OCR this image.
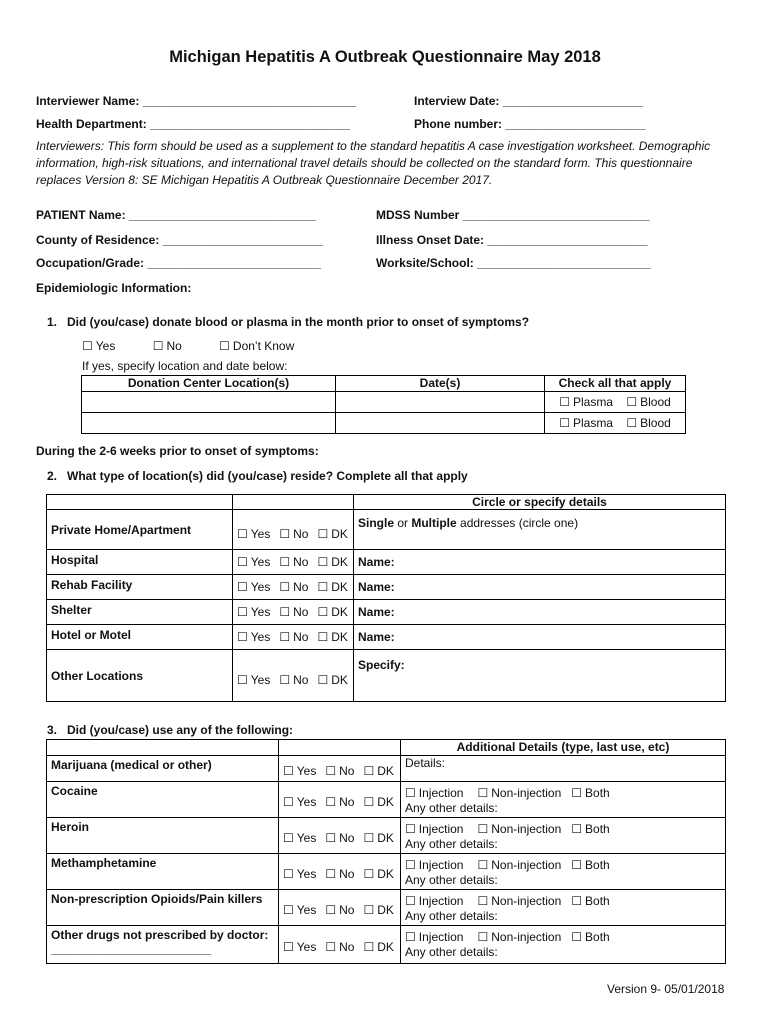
Michigan Hepatitis A Outbreak Questionnaire May 2018
Interviewer Name: ________________________________	Interview Date: _____________________
Health Department: ______________________________	Phone number: _____________________
Interviewers: This form should be used as a supplement to the standard hepatitis A case investigation worksheet. Demographic information, high-risk situations, and international travel details should be collected on the standard form. This questionnaire replaces Version 8: SE Michigan Hepatitis A Outbreak Questionnaire December 2017.
PATIENT Name: ____________________________	MDSS Number ____________________________
County of Residence: ________________________	Illness Onset Date: ________________________
Occupation/Grade: __________________________	Worksite/School: __________________________
Epidemiologic Information:
1.   Did (you/case) donate blood or plasma in the month prior to onset of symptoms?
☐ Yes	☐ No	☐ Don’t Know
If yes, specify location and date below:
Donation Center Location(s)	Date(s)	Check all that apply
		☐ Plasma ☐ Blood
		☐ Plasma ☐ Blood
During the 2-6 weeks prior to onset of symptoms:
2.   What type of location(s) did (you/case) reside? Complete all that apply
		Circle or specify details
Private Home/Apartment	☐ Yes ☐ No ☐ DK	Single or Multiple addresses (circle one)
Hospital	☐ Yes ☐ No ☐ DK	Name:
Rehab Facility	☐ Yes ☐ No ☐ DK	Name:
Shelter	☐ Yes ☐ No ☐ DK	Name:
Hotel or Motel	☐ Yes ☐ No ☐ DK	Name:
Other Locations	☐ Yes ☐ No ☐ DK	Specify:
3.   Did (you/case) use any of the following:
		Additional Details (type, last use, etc)
Marijuana (medical or other)	☐ Yes ☐ No ☐ DK	Details:
Cocaine	☐ Yes ☐ No ☐ DK	☐ Injection ☐ Non-injection ☐ Both
Any other details:
Heroin	☐ Yes ☐ No ☐ DK	☐ Injection ☐ Non-injection ☐ Both
Any other details:
Methamphetamine	☐ Yes ☐ No ☐ DK	☐ Injection ☐ Non-injection ☐ Both
Any other details:
Non-prescription Opioids/Pain killers	☐ Yes ☐ No ☐ DK	☐ Injection ☐ Non-injection ☐ Both
Any other details:
Other drugs not prescribed by doctor:________________________	☐ Yes ☐ No ☐ DK	☐ Injection ☐ Non-injection ☐ Both
Any other details:
Version 9- 05/01/2018
